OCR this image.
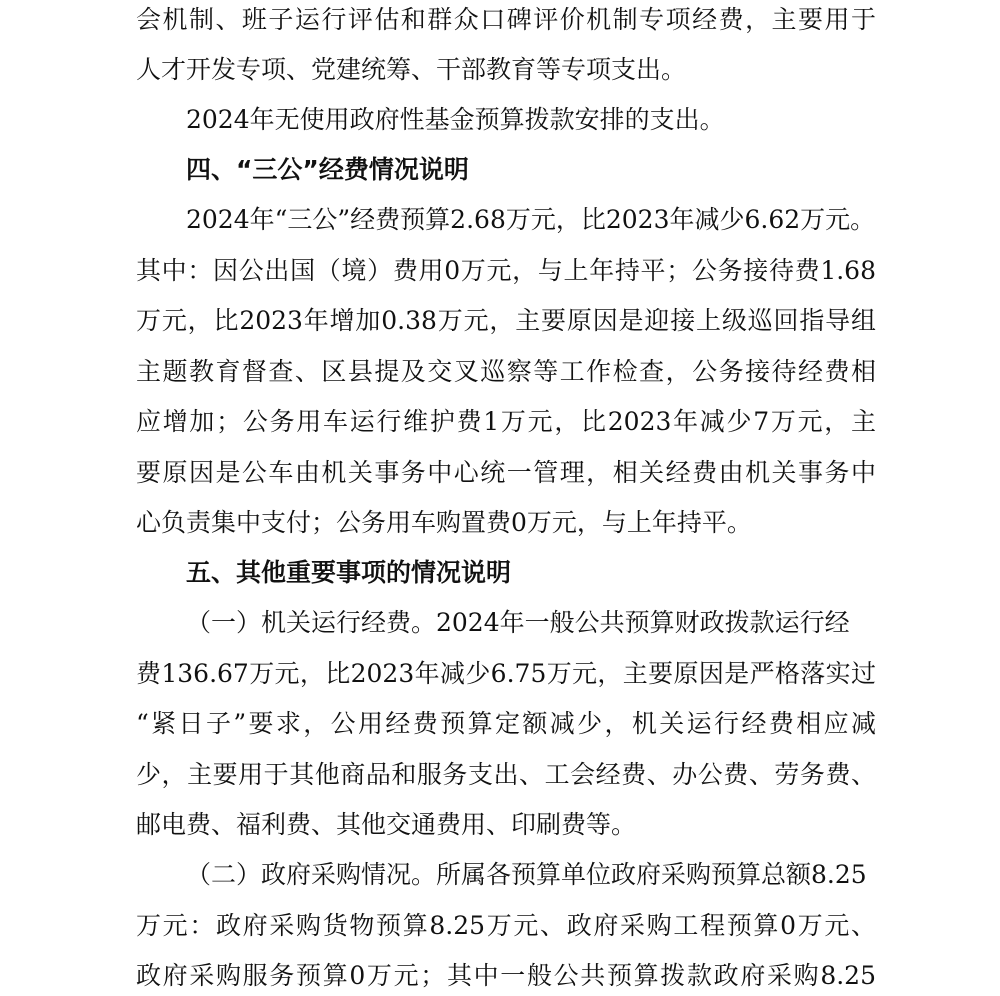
会机制、班子运行评估和群众口碑评价机制专项经费，主要用于
人才开发专项、党建统筹、干部教育等专项支出。
2024年无使用政府性基金预算拨款安排的支出。
四、“三公”经费情况说明
2024年“三公”经费预算2.68万元，比2023年减少6.62万元。
其中：因公出国（境）费用0万元，与上年持平；公务接待费1.68
万元，比2023年增加0.38万元，主要原因是迎接上级巡回指导组
主题教育督查、区县提及交叉巡察等工作检查，公务接待经费相
应增加；公务用车运行维护费1万元，比2023年减少7万元，主
要原因是公车由机关事务中心统一管理，相关经费由机关事务中
心负责集中支付；公务用车购置费0万元，与上年持平。
五、其他重要事项的情况说明
（一）机关运行经费。2024年一般公共预算财政拨款运行经
费136.67万元，比2023年减少6.75万元，主要原因是严格落实过
“紧日子”要求，公用经费预算定额减少，机关运行经费相应减
少，主要用于其他商品和服务支出、工会经费、办公费、劳务费、
邮电费、福利费、其他交通费用、印刷费等。
（二）政府采购情况。所属各预算单位政府采购预算总额8.25
万元：政府采购货物预算8.25万元、政府采购工程预算0万元、
政府采购服务预算0万元；其中一般公共预算拨款政府采购8.25
